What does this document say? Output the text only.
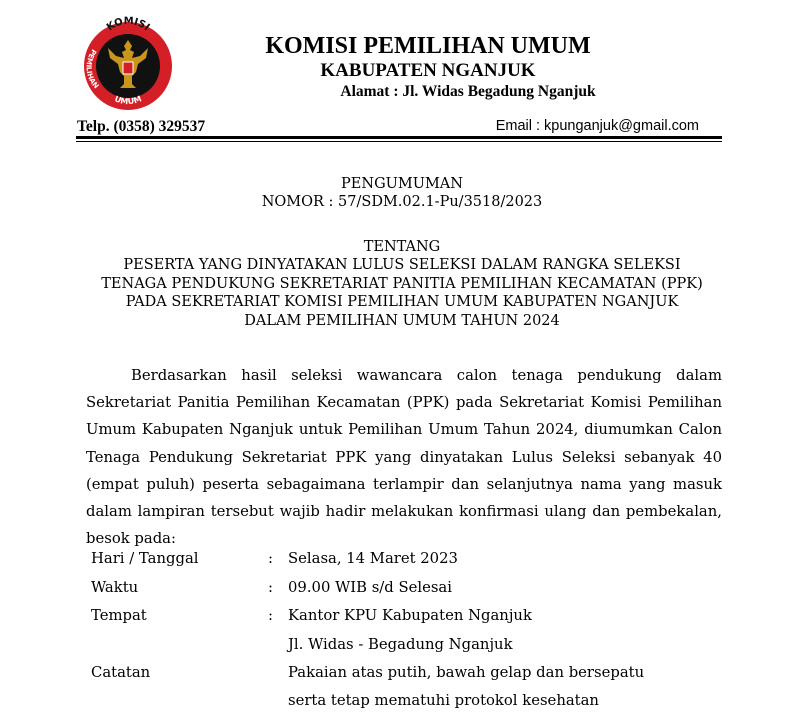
KOMISI
PEMILIHAN
UMUM
KOMISI PEMILIHAN UMUM
KABUPATEN NGANJUK
Alamat : Jl. Widas Begadung Nganjuk
Telp. (0358) 329537	Email : kpunganjuk@gmail.com
PENGUMUMAN
NOMOR : 57/SDM.02.1-Pu/3518/2023
TENTANG
PESERTA YANG DINYATAKAN LULUS SELEKSI DALAM RANGKA SELEKSI
TENAGA PENDUKUNG SEKRETARIAT PANITIA PEMILIHAN KECAMATAN (PPK)
PADA SEKRETARIAT KOMISI PEMILIHAN UMUM KABUPATEN NGANJUK
DALAM PEMILIHAN UMUM TAHUN 2024
Berdasarkan hasil seleksi wawancara calon tenaga pendukung dalam Sekretariat Panitia Pemilihan Kecamatan (PPK) pada Sekretariat Komisi Pemilihan Umum Kabupaten Nganjuk untuk Pemilihan Umum Tahun 2024, diumumkan Calon Tenaga Pendukung Sekretariat PPK yang dinyatakan Lulus Seleksi sebanyak 40 (empat puluh) peserta sebagaimana terlampir dan selanjutnya nama yang masuk dalam lampiran tersebut wajib hadir melakukan konfirmasi ulang dan pembekalan, besok pada:
Hari / Tanggal	: Selasa, 14 Maret 2023
Waktu	: 09.00 WIB s/d Selesai
Tempat	: Kantor KPU Kabupaten Nganjuk
Jl. Widas - Begadung Nganjuk
Catatan	Pakaian atas putih, bawah gelap dan bersepatu
serta tetap mematuhi protokol kesehatan
